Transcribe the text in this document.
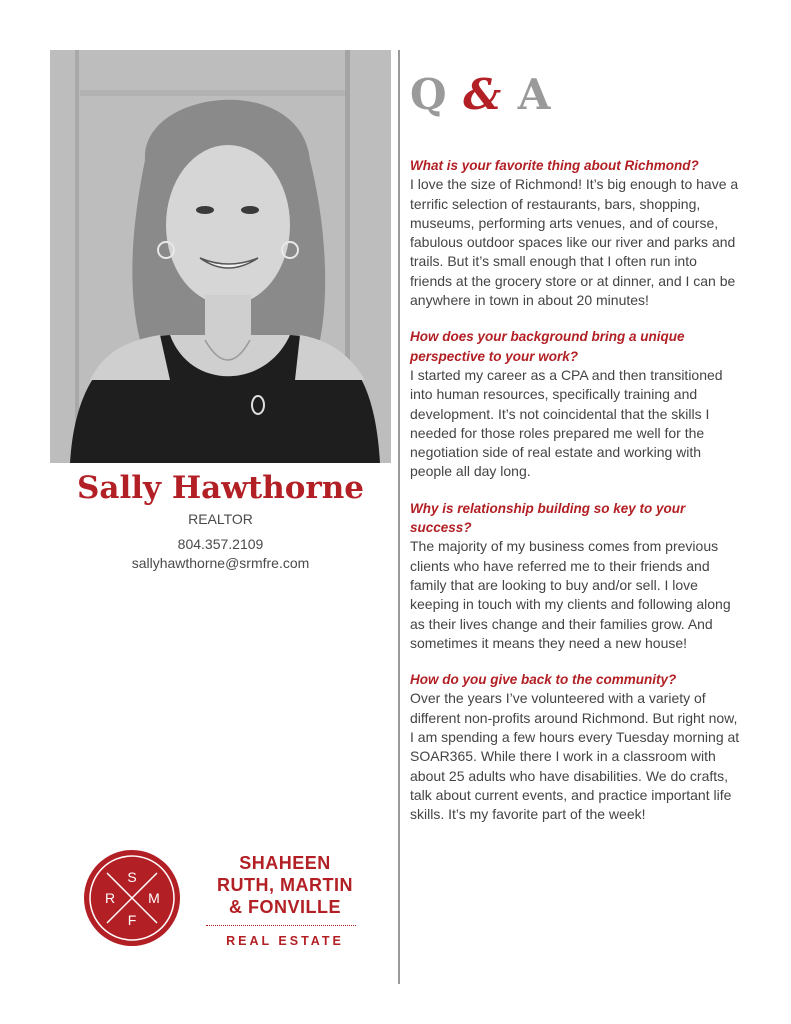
Sally Hawthorne
REALTOR
804.357.2109
sallyhawthorne@srmfre.com
Q & A
What is your favorite thing about Richmond?
I love the size of Richmond! It’s big enough to have a terrific selection of restaurants, bars, shopping, museums, performing arts venues, and of course, fabulous outdoor spaces like our river and parks and trails. But it’s small enough that I often run into friends at the grocery store or at dinner, and I can be anywhere in town in about 20 minutes!
How does your background bring a unique perspective to your work?
I started my career as a CPA and then transitioned into human resources, specifically training and development. It’s not coincidental that the skills I needed for those roles prepared me well for the negotiation side of real estate and working with people all day long.
Why is relationship building so key to your success?
The majority of my business comes from previous clients who have referred me to their friends and family that are looking to buy and/or sell. I love keeping in touch with my clients and following along as their lives change and their families grow. And sometimes it means they need a new house!
How do you give back to the community?
Over the years I’ve volunteered with a variety of different non-profits around Richmond. But right now, I am spending a few hours every Tuesday morning at SOAR365. While there I work in a classroom with about 25 adults who have disabilities. We do crafts, talk about current events, and practice important life skills. It’s my favorite part of the week!
S
R M
F
SHAHEEN
RUTH, MARTIN
& FONVILLE
REAL ESTATE
